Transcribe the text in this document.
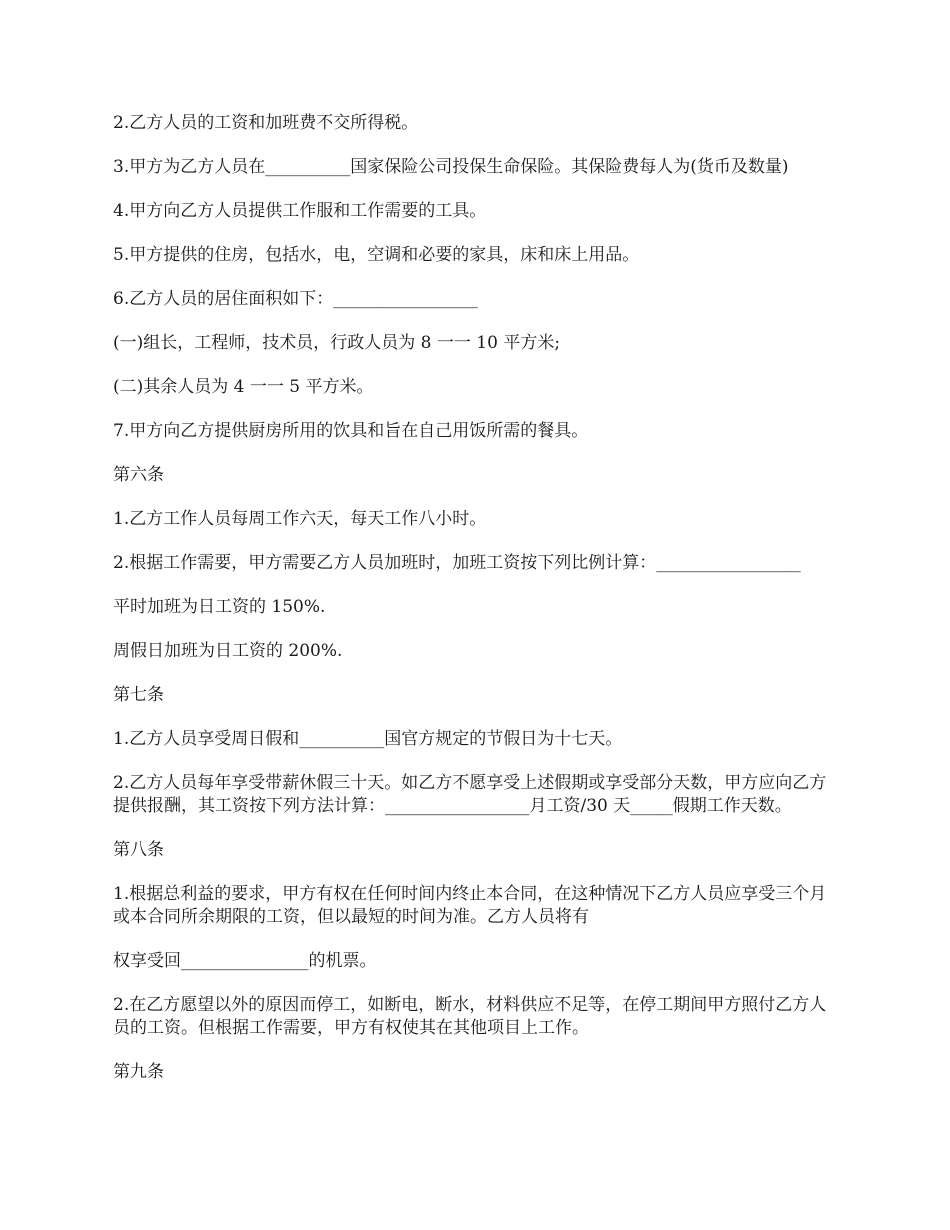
2.乙方人员的工资和加班费不交所得税。

3.甲方为乙方人员在__________国家保险公司投保生命保险。其保险费每人为(货币及数量)

4.甲方向乙方人员提供工作服和工作需要的工具。

5.甲方提供的住房，包括水，电，空调和必要的家具，床和床上用品。

6.乙方人员的居住面积如下：_________________

(一)组长，工程师，技术员，行政人员为 8 一一 10 平方米;

(二)其余人员为 4 一一 5 平方米。

7.甲方向乙方提供厨房所用的饮具和旨在自己用饭所需的餐具。

第六条

1.乙方工作人员每周工作六天，每天工作八小时。

2.根据工作需要，甲方需要乙方人员加班时，加班工资按下列比例计算：_________________

平时加班为日工资的 150%.

周假日加班为日工资的 200%.

第七条

1.乙方人员享受周日假和__________国官方规定的节假日为十七天。

2.乙方人员每年享受带薪休假三十天。如乙方不愿享受上述假期或享受部分天数，甲方应向乙方提供报酬，其工资按下列方法计算：_________________月工资/30 天_____假期工作天数。

第八条

1.根据总利益的要求，甲方有权在任何时间内终止本合同，在这种情况下乙方人员应享受三个月或本合同所余期限的工资，但以最短的时间为准。乙方人员将有

权享受回_______________的机票。

2.在乙方愿望以外的原因而停工，如断电，断水，材料供应不足等，在停工期间甲方照付乙方人员的工资。但根据工作需要，甲方有权使其在其他项目上工作。

第九条
